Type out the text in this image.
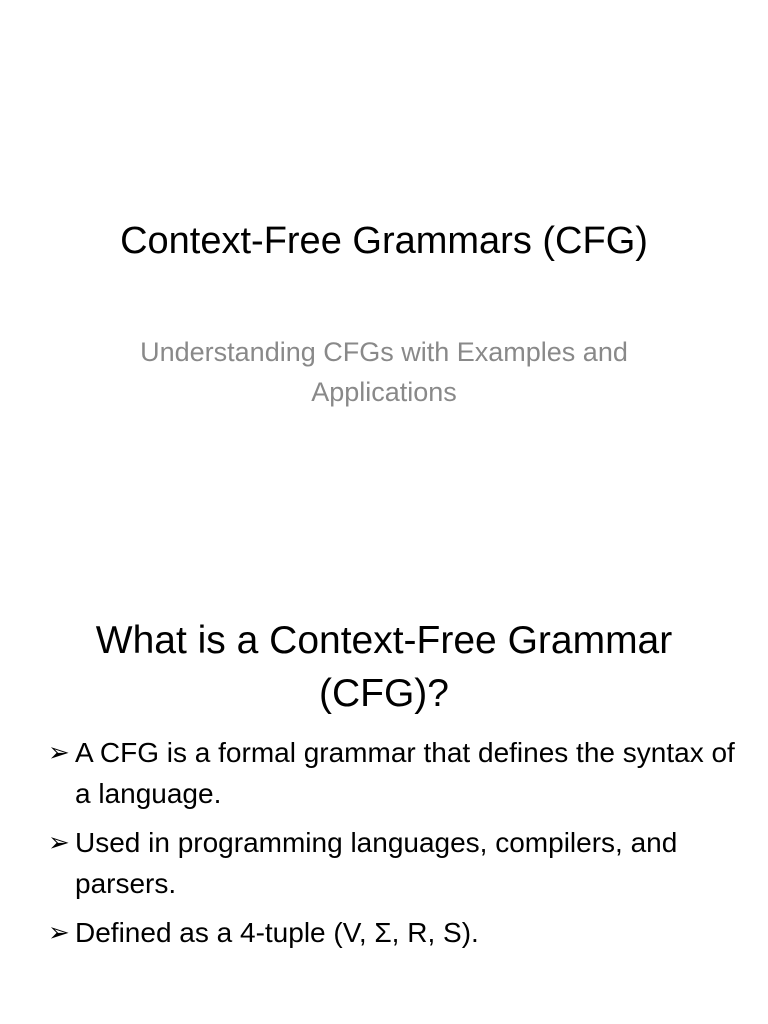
Context-Free Grammars (CFG)
Understanding CFGs with Examples and Applications
What is a Context-Free Grammar (CFG)?
➢ A CFG is a formal grammar that defines the syntax of a language.
➢ Used in programming languages, compilers, and parsers.
➢ Defined as a 4-tuple (V, Σ, R, S).
